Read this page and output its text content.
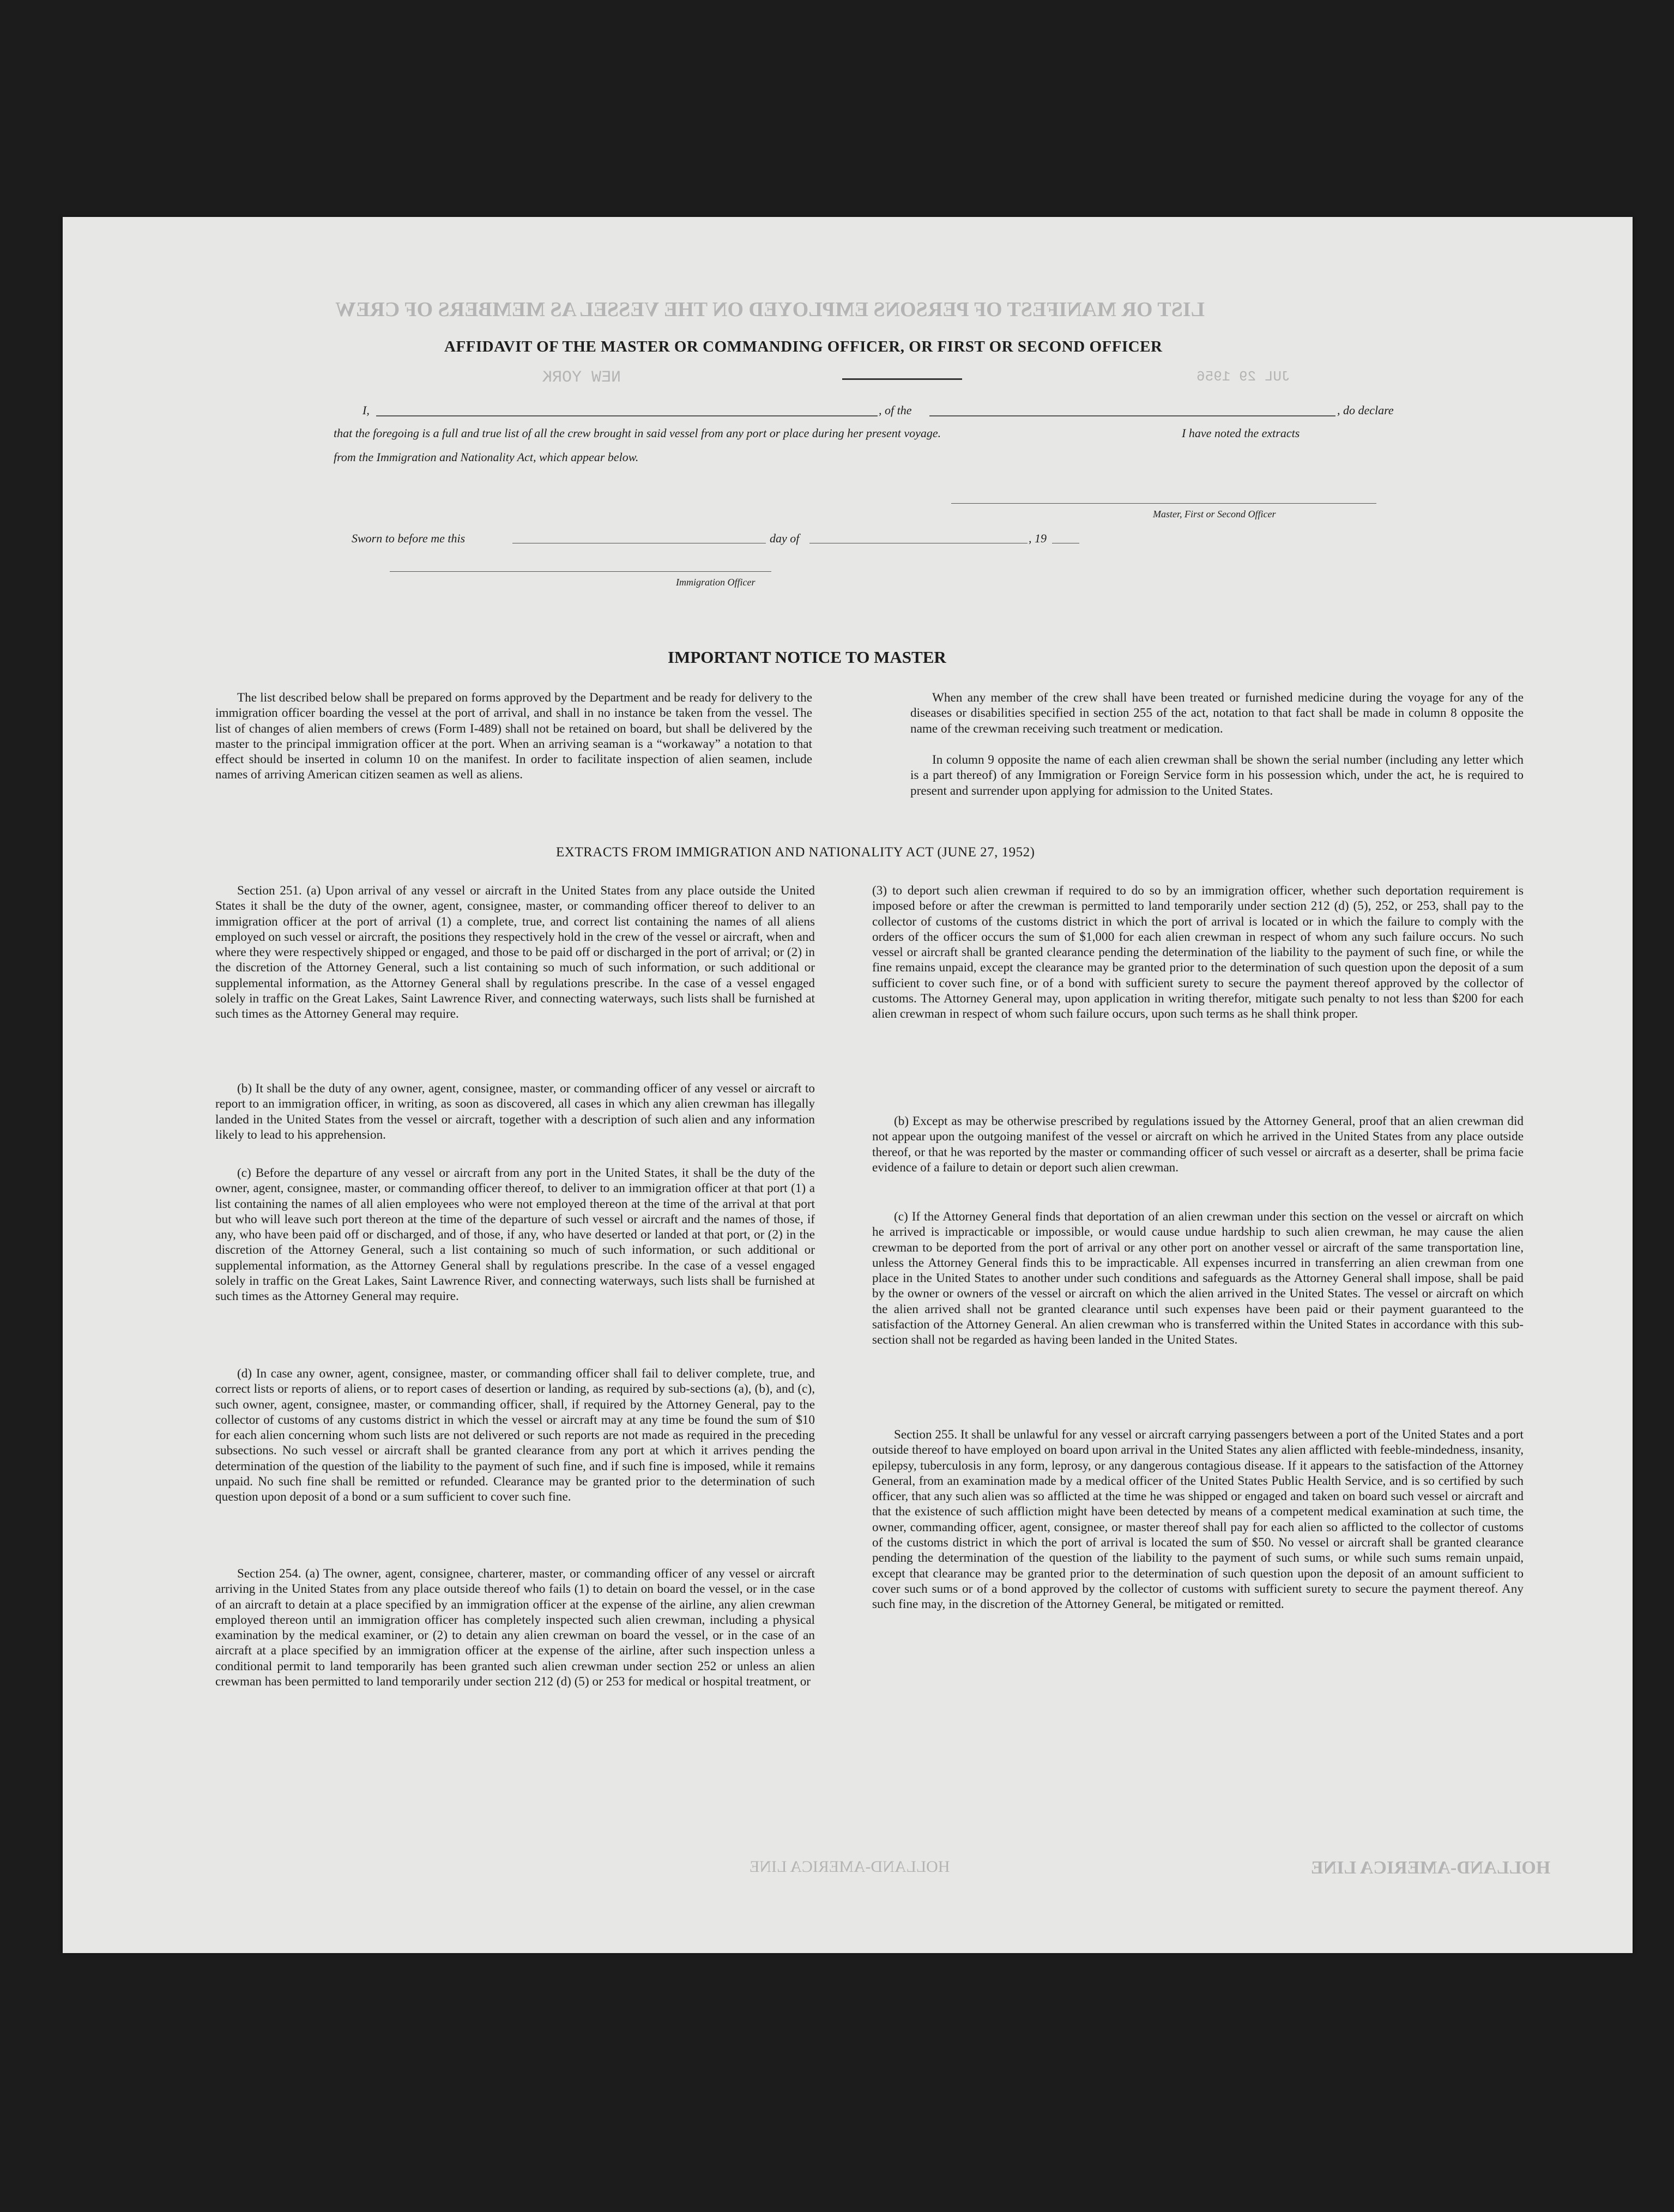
LIST OR MANIFEST OF PERSONS EMPLOYED ON THE VESSEL AS MEMBERS OF CREW
NEW YORK	JUL 29 1956
HOLLAND-AMERICA LINE
HOLLAND-AMERICA LINE
AFFIDAVIT OF THE MASTER OR COMMANDING OFFICER, OR FIRST OR SECOND OFFICER
I,	, of the	, do declare
that the foregoing is a full and true list of all the crew brought in said vessel from any port or place during her present voyage.	I have noted the extracts
from the Immigration and Nationality Act, which appear below.
Master, First or Second Officer
Sworn to before me this	day of	, 19
Immigration Officer
IMPORTANT NOTICE TO MASTER

The list described below shall be prepared on forms approved by the Department and be ready for delivery to the immigration officer boarding the vessel at the port of arrival, and shall in no instance be taken from the vessel. The list of changes of alien members of crews (Form I-489) shall not be retained on board, but shall be delivered by the master to the principal immigration officer at the port. When an arriving seaman is a “workaway” a notation to that effect should be inserted in column 10 on the manifest. In order to facilitate inspection of alien seamen, include names of arriving American citizen seamen as well as aliens.

When any member of the crew shall have been treated or furnished medicine during the voyage for any of the diseases or disabilities specified in section 255 of the act, notation to that fact shall be made in column 8 opposite the name of the crewman receiving such treatment or medication.

In column 9 opposite the name of each alien crewman shall be shown the serial number (including any letter which is a part thereof) of any Immigration or Foreign Service form in his possession which, under the act, he is required to present and surrender upon applying for admission to the United States.

EXTRACTS FROM IMMIGRATION AND NATIONALITY ACT (JUNE 27, 1952)

Section 251. (a) Upon arrival of any vessel or aircraft in the United States from any place outside the United States it shall be the duty of the owner, agent, consignee, master, or commanding officer thereof to deliver to an immigration officer at the port of arrival (1) a complete, true, and correct list containing the names of all aliens employed on such vessel or aircraft, the positions they respectively hold in the crew of the vessel or aircraft, when and where they were respectively shipped or engaged, and those to be paid off or discharged in the port of arrival; or (2) in the discretion of the Attorney General, such a list containing so much of such information, or such additional or supplemental information, as the Attorney General shall by regulations prescribe. In the case of a vessel engaged solely in traffic on the Great Lakes, Saint Lawrence River, and connecting waterways, such lists shall be furnished at such times as the Attorney General may require.

(b) It shall be the duty of any owner, agent, consignee, master, or commanding officer of any vessel or aircraft to report to an immigration officer, in writing, as soon as discovered, all cases in which any alien crewman has illegally landed in the United States from the vessel or aircraft, together with a description of such alien and any information likely to lead to his apprehension.

(c) Before the departure of any vessel or aircraft from any port in the United States, it shall be the duty of the owner, agent, consignee, master, or commanding officer thereof, to deliver to an immigration officer at that port (1) a list containing the names of all alien employees who were not employed thereon at the time of the arrival at that port but who will leave such port thereon at the time of the departure of such vessel or aircraft and the names of those, if any, who have been paid off or discharged, and of those, if any, who have deserted or landed at that port, or (2) in the discretion of the Attorney General, such a list containing so much of such information, or such additional or supplemental information, as the Attorney General shall by regulations prescribe. In the case of a vessel engaged solely in traffic on the Great Lakes, Saint Lawrence River, and connecting waterways, such lists shall be furnished at such times as the Attorney General may require.

(d) In case any owner, agent, consignee, master, or commanding officer shall fail to deliver complete, true, and correct lists or reports of aliens, or to report cases of desertion or landing, as required by sub-sections (a), (b), and (c), such owner, agent, consignee, master, or commanding officer, shall, if required by the Attorney General, pay to the collector of customs of any customs district in which the vessel or aircraft may at any time be found the sum of $10 for each alien concerning whom such lists are not delivered or such reports are not made as required in the preceding subsections. No such vessel or aircraft shall be granted clearance from any port at which it arrives pending the determination of the question of the liability to the payment of such fine, and if such fine is imposed, while it remains unpaid. No such fine shall be remitted or refunded. Clearance may be granted prior to the determination of such question upon deposit of a bond or a sum sufficient to cover such fine.

Section 254. (a) The owner, agent, consignee, charterer, master, or commanding officer of any vessel or aircraft arriving in the United States from any place outside thereof who fails (1) to detain on board the vessel, or in the case of an aircraft to detain at a place specified by an immigration officer at the expense of the airline, any alien crewman employed thereon until an immigration officer has completely inspected such alien crewman, including a physical examination by the medical examiner, or (2) to detain any alien crewman on board the vessel, or in the case of an aircraft at a place specified by an immigration officer at the expense of the airline, after such inspection unless a conditional permit to land temporarily has been granted such alien crewman under section 252 or unless an alien crewman has been permitted to land temporarily under section 212 (d) (5) or 253 for medical or hospital treatment, or

(3) to deport such alien crewman if required to do so by an immigration officer, whether such deportation requirement is imposed before or after the crewman is permitted to land temporarily under section 212 (d) (5), 252, or 253, shall pay to the collector of customs of the customs district in which the port of arrival is located or in which the failure to comply with the orders of the officer occurs the sum of $1,000 for each alien crewman in respect of whom any such failure occurs. No such vessel or aircraft shall be granted clearance pending the determination of the liability to the payment of such fine, or while the fine remains unpaid, except the clearance may be granted prior to the determination of such question upon the deposit of a sum sufficient to cover such fine, or of a bond with sufficient surety to secure the payment thereof approved by the collector of customs. The Attorney General may, upon application in writing therefor, mitigate such penalty to not less than $200 for each alien crewman in respect of whom such failure occurs, upon such terms as he shall think proper.

(b) Except as may be otherwise prescribed by regulations issued by the Attorney General, proof that an alien crewman did not appear upon the outgoing manifest of the vessel or aircraft on which he arrived in the United States from any place outside thereof, or that he was reported by the master or commanding officer of such vessel or aircraft as a deserter, shall be prima facie evidence of a failure to detain or deport such alien crewman.

(c) If the Attorney General finds that deportation of an alien crewman under this section on the vessel or aircraft on which he arrived is impracticable or impossible, or would cause undue hardship to such alien crewman, he may cause the alien crewman to be deported from the port of arrival or any other port on another vessel or aircraft of the same transportation line, unless the Attorney General finds this to be impracticable. All expenses incurred in transferring an alien crewman from one place in the United States to another under such conditions and safeguards as the Attorney General shall impose, shall be paid by the owner or owners of the vessel or aircraft on which the alien arrived in the United States. The vessel or aircraft on which the alien arrived shall not be granted clearance until such expenses have been paid or their payment guaranteed to the satisfaction of the Attorney General. An alien crewman who is transferred within the United States in accordance with this sub-section shall not be regarded as having been landed in the United States.

Section 255. It shall be unlawful for any vessel or aircraft carrying passengers between a port of the United States and a port outside thereof to have employed on board upon arrival in the United States any alien afflicted with feeble-mindedness, insanity, epilepsy, tuberculosis in any form, leprosy, or any dangerous contagious disease. If it appears to the satisfaction of the Attorney General, from an examination made by a medical officer of the United States Public Health Service, and is so certified by such officer, that any such alien was so afflicted at the time he was shipped or engaged and taken on board such vessel or aircraft and that the existence of such affliction might have been detected by means of a competent medical examination at such time, the owner, commanding officer, agent, consignee, or master thereof shall pay for each alien so afflicted to the collector of customs of the customs district in which the port of arrival is located the sum of $50. No vessel or aircraft shall be granted clearance pending the determination of the question of the liability to the payment of such sums, or while such sums remain unpaid, except that clearance may be granted prior to the determination of such question upon the deposit of an amount sufficient to cover such sums or of a bond approved by the collector of customs with sufficient surety to secure the payment thereof. Any such fine may, in the discretion of the Attorney General, be mitigated or remitted.
